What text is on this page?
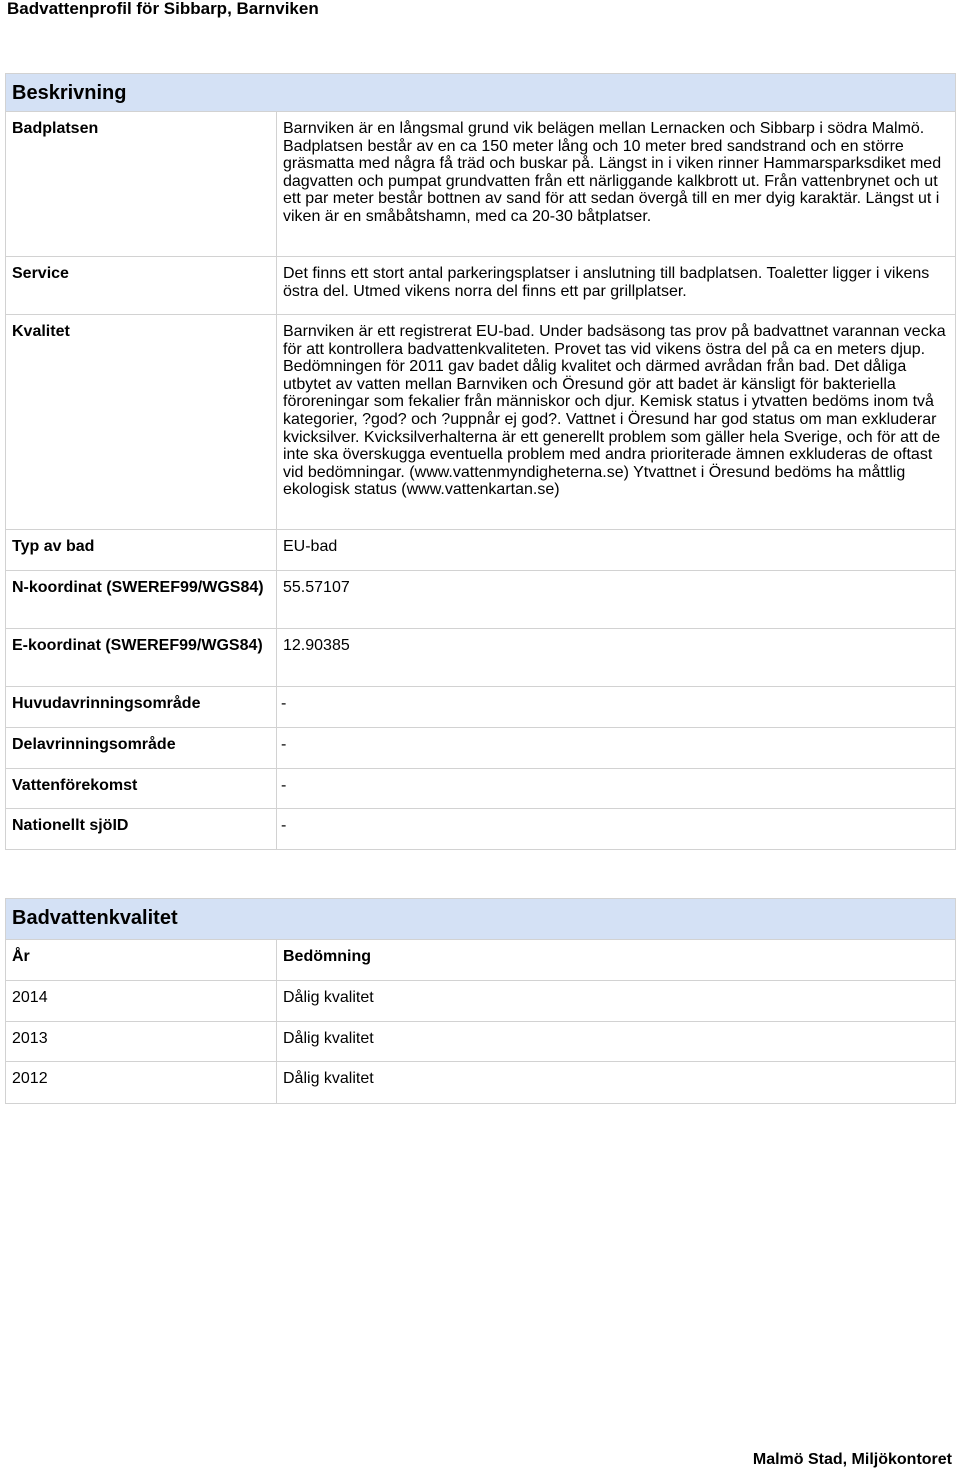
Badvattenprofil för Sibbarp, Barnviken
Beskrivning	
Badplatsen	Barnviken är en långsmal grund vik belägen mellan Lernacken och Sibbarp i södra Malmö. Badplatsen består av en ca 150 meter lång och 10 meter bred sandstrand och en större gräsmatta med några få träd och buskar på. Längst in i viken rinner Hammarsparksdiket med dagvatten och pumpat grundvatten från ett närliggande kalkbrott ut. Från vattenbrynet och ut ett par meter består bottnen av sand för att sedan övergå till en mer dyig karaktär. Längst ut i viken är en småbåtshamn, med ca 20-30 båtplatser.
Service	Det finns ett stort antal parkeringsplatser i anslutning till badplatsen. Toaletter ligger i vikens östra del. Utmed vikens norra del finns ett par grillplatser.
Kvalitet	Barnviken är ett registrerat EU-bad. Under badsäsong tas prov på badvattnet varannan vecka för att kontrollera badvattenkvaliteten. Provet tas vid vikens östra del på ca en meters djup. Bedömningen för 2011 gav badet dålig kvalitet och därmed avrådan från bad. Det dåliga utbytet av vatten mellan Barnviken och Öresund gör att badet är känsligt för bakteriella föroreningar som fekalier från människor och djur. Kemisk status i ytvatten bedöms inom två kategorier, ?god? och ?uppnår ej god?. Vattnet i Öresund har god status om man exkluderar kvicksilver. Kvicksilverhalterna är ett generellt problem som gäller hela Sverige, och för att de inte ska överskugga eventuella problem med andra prioriterade ämnen exkluderas de oftast vid bedömningar. (www.vattenmyndigheterna.se) Ytvattnet i Öresund bedöms ha måttlig ekologisk status (www.vattenkartan.se)
Typ av bad	EU-bad
N-koordinat (SWEREF99/WGS84)	55.57107
E-koordinat (SWEREF99/WGS84)	12.90385
Huvudavrinningsområde	-
Delavrinningsområde	-
Vattenförekomst	-
Nationellt sjöID	-
Badvattenkvalitet	
År	Bedömning
2014	Dålig kvalitet
2013	Dålig kvalitet
2012	Dålig kvalitet
Malmö Stad, Miljökontoret
